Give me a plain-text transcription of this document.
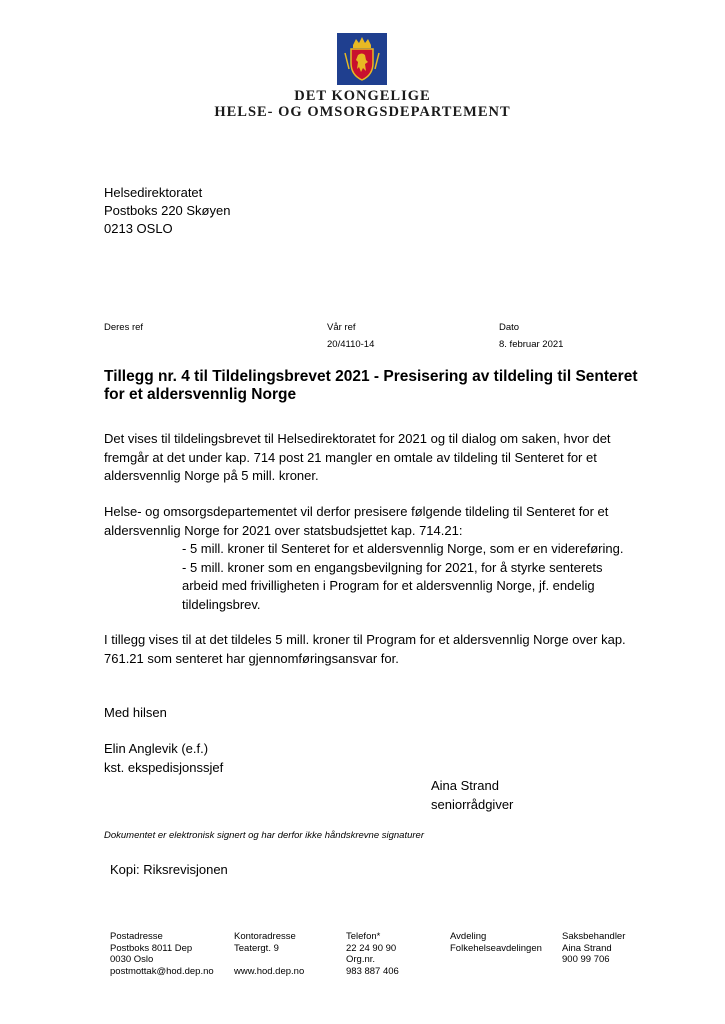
DET KONGELIGE
HELSE- OG OMSORGSDEPARTEMENT
Helsedirektoratet
Postboks 220 Skøyen
0213 OSLO
Deres ref	Vår ref
20/4110-14
Dato
8. februar 2021
Tillegg nr. 4 til Tildelingsbrevet 2021 - Presisering av tildeling til Senteret
for et aldersvennlig Norge
Det vises til tildelingsbrevet til Helsedirektoratet for 2021 og til dialog om saken, hvor det
fremgår at det under kap. 714 post 21 mangler en omtale av tildeling til Senteret for et
aldersvennlig Norge på 5 mill. kroner.
Helse- og omsorgsdepartementet vil derfor presisere følgende tildeling til Senteret for et
aldersvennlig Norge for 2021 over statsbudsjettet kap. 714.21:
- 5 mill. kroner til Senteret for et aldersvennlig Norge, som er en videreføring.
- 5 mill. kroner som en engangsbevilgning for 2021, for å styrke senterets
arbeid med frivilligheten i Program for et aldersvennlig Norge, jf. endelig
tildelingsbrev.
I tillegg vises til at det tildeles 5 mill. kroner til Program for et aldersvennlig Norge over kap.
761.21 som senteret har gjennomføringsansvar for.
Med hilsen
Elin Anglevik (e.f.)
kst. ekspedisjonssjef
Aina Strand
seniorrådgiver
Dokumentet er elektronisk signert og har derfor ikke håndskrevne signaturer
Kopi: Riksrevisjonen
Postadresse
Postboks 8011 Dep
0030 Oslo
postmottak@hod.dep.no
Kontoradresse
Teatergt. 9
www.hod.dep.no
Telefon*
22 24 90 90
Org.nr.
983 887 406
Avdeling
Folkehelseavdelingen
Saksbehandler
Aina Strand
900 99 706
